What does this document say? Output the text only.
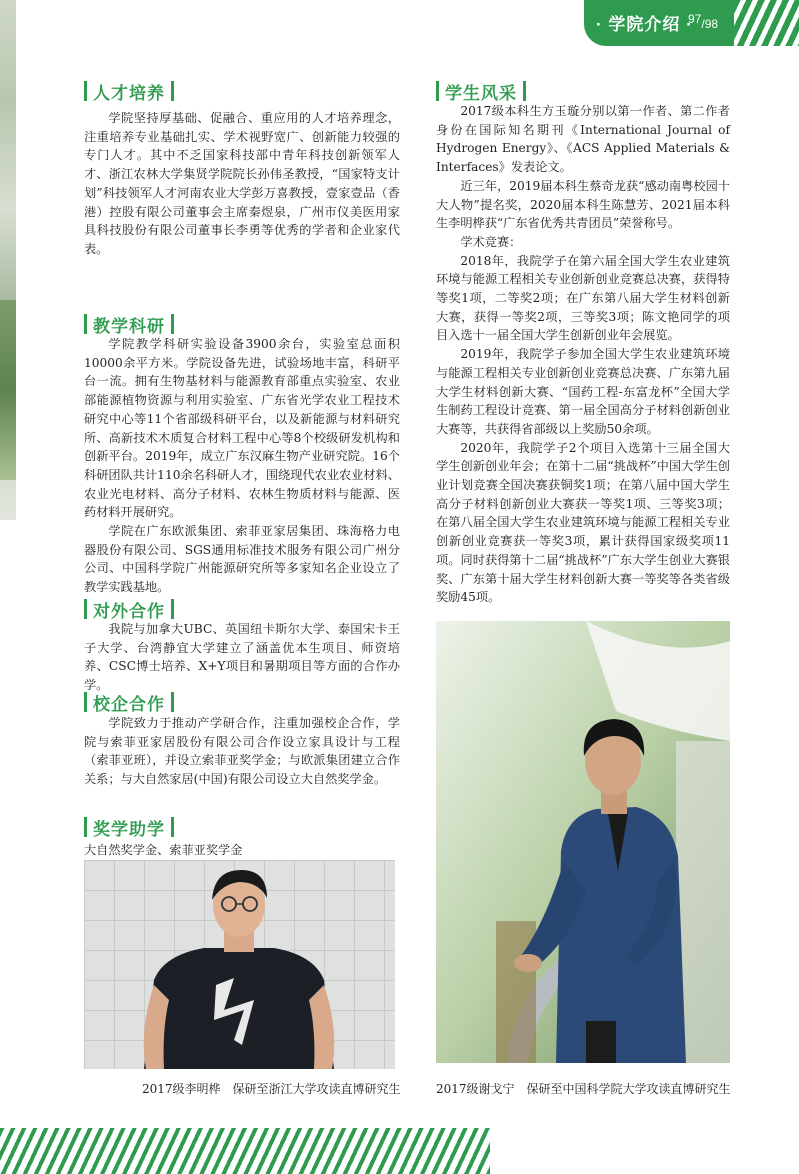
· 学院介绍 ·
97/98
人才培养

学院坚持厚基础、促融合、重应用的人才培养理念，注重培养专业基础扎实、学术视野宽广、创新能力较强的专门人才。其中不乏国家科技部中青年科技创新领军人才、浙江农林大学集贤学院院长孙伟圣教授，“国家特支计划”科技领军人才河南农业大学彭万喜教授，壹家壹品（香港）控股有限公司董事会主席秦煜泉，广州市仪美医用家具科技股份有限公司董事长李勇等优秀的学者和企业家代表。

教学科研

学院教学科研实验设备3900余台，实验室总面积10000余平方米。学院设备先进，试验场地丰富，科研平台一流。拥有生物基材料与能源教育部重点实验室、农业部能源植物资源与利用实验室、广东省光学农业工程技术研究中心等11个省部级科研平台，以及新能源与材料研究所、高新技术木质复合材料工程中心等8个校级研发机构和创新平台。2019年，成立广东汉麻生物产业研究院。16个科研团队共计110余名科研人才，围绕现代农业农业材料、农业光电材料、高分子材料、农林生物质材料与能源、医药材料开展研究。

学院在广东欧派集团、索菲亚家居集团、珠海格力电器股份有限公司、SGS通用标准技术服务有限公司广州分公司、中国科学院广州能源研究所等多家知名企业设立了教学实践基地。

对外合作

我院与加拿大UBC、英国纽卡斯尔大学、泰国宋卡王子大学、台湾静宜大学建立了涵盖优本生项目、师资培养、CSC博士培养、X+Y项目和暑期项目等方面的合作办学。

校企合作

学院致力于推动产学研合作，注重加强校企合作，学院与索菲亚家居股份有限公司合作设立家具设计与工程（索菲亚班），并设立索菲亚奖学金；与欧派集团建立合作关系；与大自然家居(中国)有限公司设立大自然奖学金。

奖学助学

大自然奖学金、索菲亚奖学金

2017级李明桦　保研至浙江大学攻读直博研究生
学生风采

2017级本科生方玉璇分别以第一作者、第二作者身份在国际知名期刊《International Journal of Hydrogen Energy》、《ACS Applied Materials & Interfaces》发表论文。

近三年，2019届本科生蔡奇龙获“感动南粤校园十大人物”提名奖，2020届本科生陈慧芳、2021届本科生李明桦获“广东省优秀共青团员”荣誉称号。

学术竞赛：

2018年，我院学子在第六届全国大学生农业建筑环境与能源工程相关专业创新创业竞赛总决赛，获得特等奖1项，二等奖2项；在广东第八届大学生材料创新大赛，获得一等奖2项，三等奖3项；陈文艳同学的项目入选十一届全国大学生创新创业年会展览。

2019年，我院学子参加全国大学生农业建筑环境与能源工程相关专业创新创业竞赛总决赛、广东第九届大学生材料创新大赛、“国药工程-东富龙杯”全国大学生制药工程设计竞赛、第一届全国高分子材料创新创业大赛等，共获得省部级以上奖励50余项。

2020年，我院学子2个项目入选第十三届全国大学生创新创业年会；在第十二届“挑战杯”中国大学生创业计划竞赛全国决赛获铜奖1项；在第八届中国大学生高分子材料创新创业大赛获一等奖1项、三等奖3项；在第八届全国大学生农业建筑环境与能源工程相关专业创新创业竞赛获一等奖3项，累计获得国家级奖项11项。同时获得第十二届“挑战杯”广东大学生创业大赛银奖、广东第十届大学生材料创新大赛一等奖等各类省级奖励45项。

2017级谢戈宁　保研至中国科学院大学攻读直博研究生
